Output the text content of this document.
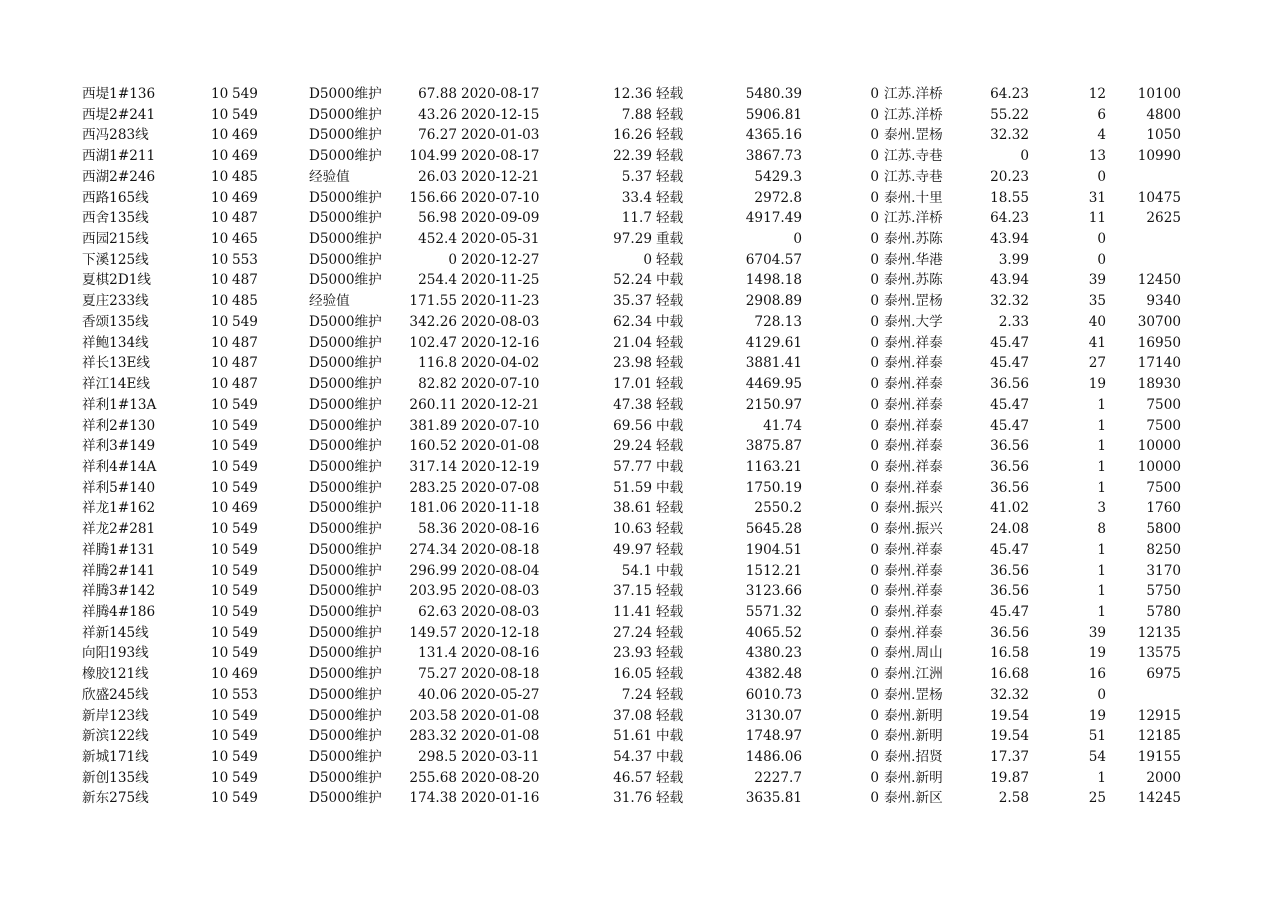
西堤1#136	10 549	D5000维护	67.88 2020-08-17	12.36 轻载	5480.39	0 江苏.洋桥	64.23	12	10100
西堤2#241	10 549	D5000维护	43.26 2020-12-15	7.88 轻载	5906.81	0 江苏.洋桥	55.22	6	4800
西冯283线	10 469	D5000维护	76.27 2020-01-03	16.26 轻载	4365.16	0 泰州.罡杨	32.32	4	1050
西湖1#211	10 469	D5000维护	104.99 2020-08-17	22.39 轻载	3867.73	0 江苏.寺巷	0	13	10990
西湖2#246	10 485	经验值	26.03 2020-12-21	5.37 轻载	5429.3	0 江苏.寺巷	20.23	0
西路165线	10 469	D5000维护	156.66 2020-07-10	33.4 轻载	2972.8	0 泰州.十里	18.55	31	10475
西舍135线	10 487	D5000维护	56.98 2020-09-09	11.7 轻载	4917.49	0 江苏.洋桥	64.23	11	2625
西园215线	10 465	D5000维护	452.4 2020-05-31	97.29 重载	0	0 泰州.苏陈	43.94	0
下溪125线	10 553	D5000维护	0 2020-12-27	0 轻载	6704.57	0 泰州.华港	3.99	0
夏棋2D1线	10 487	D5000维护	254.4 2020-11-25	52.24 中载	1498.18	0 泰州.苏陈	43.94	39	12450
夏庄233线	10 485	经验值	171.55 2020-11-23	35.37 轻载	2908.89	0 泰州.罡杨	32.32	35	9340
香颂135线	10 549	D5000维护	342.26 2020-08-03	62.34 中载	728.13	0 泰州.大学	2.33	40	30700
祥鲍134线	10 487	D5000维护	102.47 2020-12-16	21.04 轻载	4129.61	0 泰州.祥泰	45.47	41	16950
祥长13E线	10 487	D5000维护	116.8 2020-04-02	23.98 轻载	3881.41	0 泰州.祥泰	45.47	27	17140
祥江14E线	10 487	D5000维护	82.82 2020-07-10	17.01 轻载	4469.95	0 泰州.祥泰	36.56	19	18930
祥利1#13A	10 549	D5000维护	260.11 2020-12-21	47.38 轻载	2150.97	0 泰州.祥泰	45.47	1	7500
祥利2#130	10 549	D5000维护	381.89 2020-07-10	69.56 中载	41.74	0 泰州.祥泰	45.47	1	7500
祥利3#149	10 549	D5000维护	160.52 2020-01-08	29.24 轻载	3875.87	0 泰州.祥泰	36.56	1	10000
祥利4#14A	10 549	D5000维护	317.14 2020-12-19	57.77 中载	1163.21	0 泰州.祥泰	36.56	1	10000
祥利5#140	10 549	D5000维护	283.25 2020-07-08	51.59 中载	1750.19	0 泰州.祥泰	36.56	1	7500
祥龙1#162	10 469	D5000维护	181.06 2020-11-18	38.61 轻载	2550.2	0 泰州.振兴	41.02	3	1760
祥龙2#281	10 549	D5000维护	58.36 2020-08-16	10.63 轻载	5645.28	0 泰州.振兴	24.08	8	5800
祥腾1#131	10 549	D5000维护	274.34 2020-08-18	49.97 轻载	1904.51	0 泰州.祥泰	45.47	1	8250
祥腾2#141	10 549	D5000维护	296.99 2020-08-04	54.1 中载	1512.21	0 泰州.祥泰	36.56	1	3170
祥腾3#142	10 549	D5000维护	203.95 2020-08-03	37.15 轻载	3123.66	0 泰州.祥泰	36.56	1	5750
祥腾4#186	10 549	D5000维护	62.63 2020-08-03	11.41 轻载	5571.32	0 泰州.祥泰	45.47	1	5780
祥新145线	10 549	D5000维护	149.57 2020-12-18	27.24 轻载	4065.52	0 泰州.祥泰	36.56	39	12135
向阳193线	10 549	D5000维护	131.4 2020-08-16	23.93 轻载	4380.23	0 泰州.周山	16.58	19	13575
橡胶121线	10 469	D5000维护	75.27 2020-08-18	16.05 轻载	4382.48	0 泰州.江洲	16.68	16	6975
欣盛245线	10 553	D5000维护	40.06 2020-05-27	7.24 轻载	6010.73	0 泰州.罡杨	32.32	0
新岸123线	10 549	D5000维护	203.58 2020-01-08	37.08 轻载	3130.07	0 泰州.新明	19.54	19	12915
新滨122线	10 549	D5000维护	283.32 2020-01-08	51.61 中载	1748.97	0 泰州.新明	19.54	51	12185
新城171线	10 549	D5000维护	298.5 2020-03-11	54.37 中载	1486.06	0 泰州.招贤	17.37	54	19155
新创135线	10 549	D5000维护	255.68 2020-08-20	46.57 轻载	2227.7	0 泰州.新明	19.87	1	2000
新东275线	10 549	D5000维护	174.38 2020-01-16	31.76 轻载	3635.81	0 泰州.新区	2.58	25	14245
